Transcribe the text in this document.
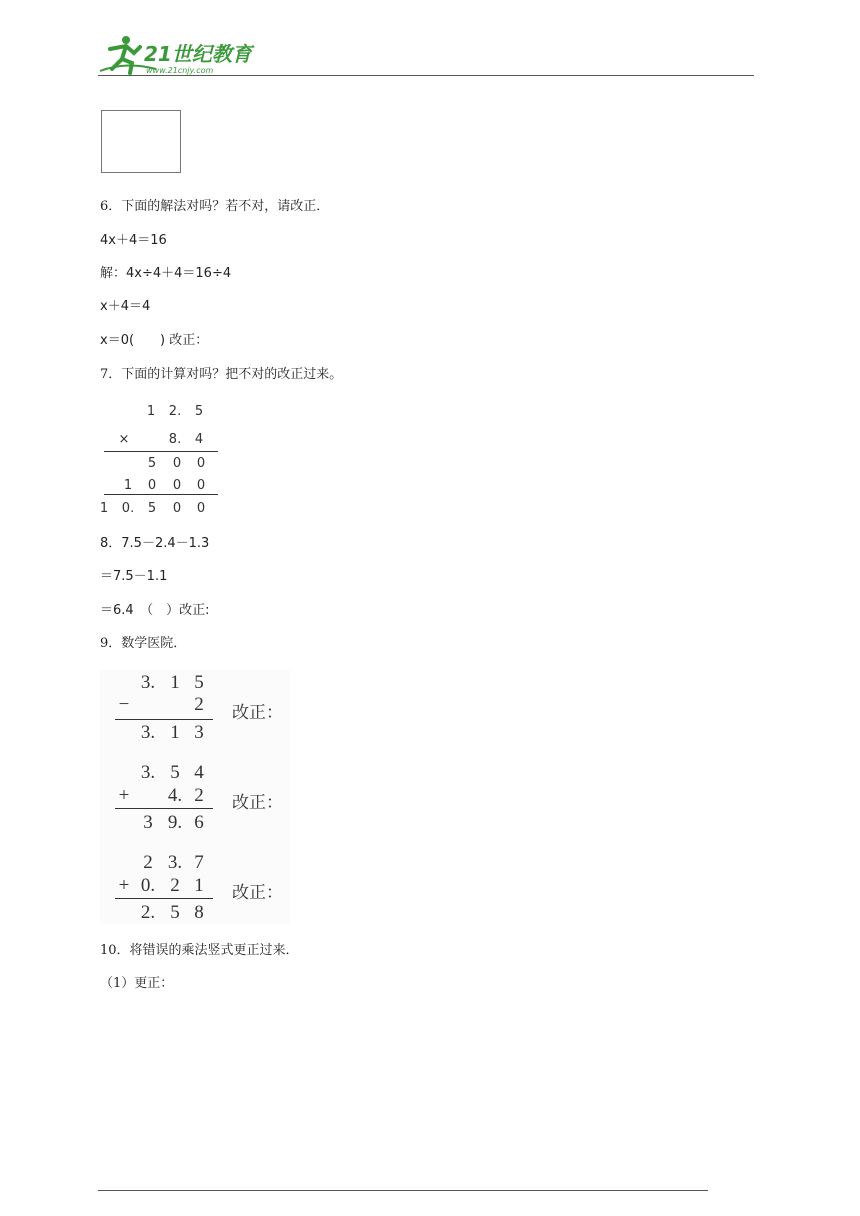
21世纪教育
www.21cnjy.com
6．下面的解法对吗？若不对，请改正．
4x＋4＝16
解：4x÷4＋4＝16÷4
x＋4＝4
x＝0(　　) 改正：
7．下面的计算对吗？把不对的改正过来。
1 2. 5
×	8. 4
5 0 0
1 0 0 0
1 0. 5 0 0
8．7.5－2.4－1.3
＝7.5－1.1
＝6.4　（　）改正:
9．数学医院．
3. 1 5
−	2
3. 1 3
改正：
3. 5 4
+ 4. 2
3 9. 6
改正：
2 3. 7
+ 0. 2 1
2. 5 8
改正：
10．将错误的乘法竖式更正过来．
（1）更正：
